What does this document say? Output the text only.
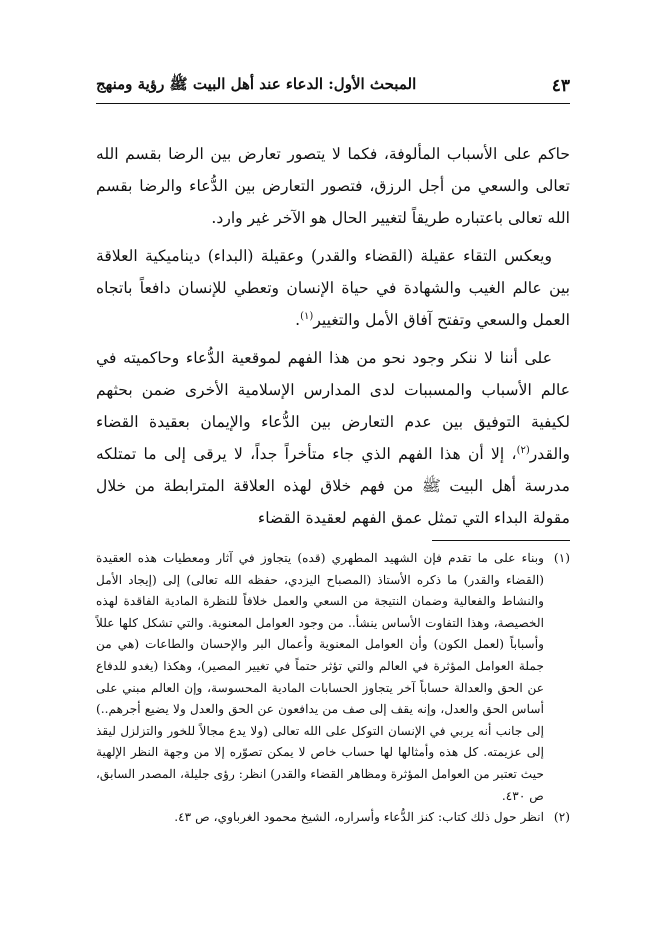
المبحث الأول: الدعاء عند أهل البيت ﷺ رؤية ومنهج	٤٣

حاكم على الأسباب المألوفة، فكما لا يتصور تعارض بين الرضا بقسم الله تعالى والسعي من أجل الرزق، فتصور التعارض بين الدُّعاء والرضا بقسم الله تعالى باعتباره طريقاً لتغيير الحال هو الآخر غير وارد.

ويعكس التقاء عقيلة (القضاء والقدر) وعقيلة (البداء) ديناميكية العلاقة بين عالم الغيب والشهادة في حياة الإنسان وتعطي للإنسان دافعاً باتجاه العمل والسعي وتفتح آفاق الأمل والتغيير$^{(١)}$.

على أننا لا ننكر وجود نحو من هذا الفهم لموقعية الدُّعاء وحاكميته في عالم الأسباب والمسببات لدى المدارس الإسلامية الأخرى ضمن بحثهم لكيفية التوفيق بين عدم التعارض بين الدُّعاء والإيمان بعقيدة القضاء والقدر$^{(٢)}$، إلا أن هذا الفهم الذي جاء متأخراً جداً، لا يرقى إلى ما تمتلكه مدرسة أهل البيت ﷺ من فهم خلاق لهذه العلاقة المترابطة من خلال مقولة البداء التي تمثل عمق الفهم لعقيدة القضاء

(١)
وبناء على ما تقدم فإن الشهيد المطهري (قده) يتجاوز في آثار ومعطيات هذه العقيدة (القضاء والقدر) ما ذكره الأستاذ (المصباح اليزدي، حفظه الله تعالى) إلى (إيجاد الأمل والنشاط والفعالية وضمان النتيجة من السعي والعمل خلافاً للنظرة المادية الفاقدة لهذه الخصيصة، وهذا التفاوت الأساس ينشأ.. من وجود العوامل المعنوية. والتي تشكل كلها عللاً وأسباباً (لعمل الكون) وأن العوامل المعنوية وأعمال البر والإحسان والطاعات (هي من جملة العوامل المؤثرة في العالم والتي تؤثر حتماً في تغيير المصير)، وهكذا (يغدو للدفاع عن الحق والعدالة حساباً آخر يتجاوز الحسابات المادية المحسوسة، وإن العالم مبني على أساس الحق والعدل، وإنه يقف إلى صف من يدافعون عن الحق والعدل ولا يضيع أجرهم..) إلى جانب أنه يربي في الإنسان التوكل على الله تعالى (ولا يدع مجالاً للخور والتزلزل ليقذ إلى عزيمته. كل هذه وأمثالها لها حساب خاص لا يمكن تصوّره إلا من وجهة النظر الإلهية حيث تعتبر من العوامل المؤثرة ومظاهر القضاء والقدر) انظر: رؤى جليلة، المصدر السابق، ص ٤٣٠.
(٢)
انظر حول ذلك كتاب: كنز الدُّعاء وأسراره، الشيخ محمود الغرباوي، ص ٤٣.
